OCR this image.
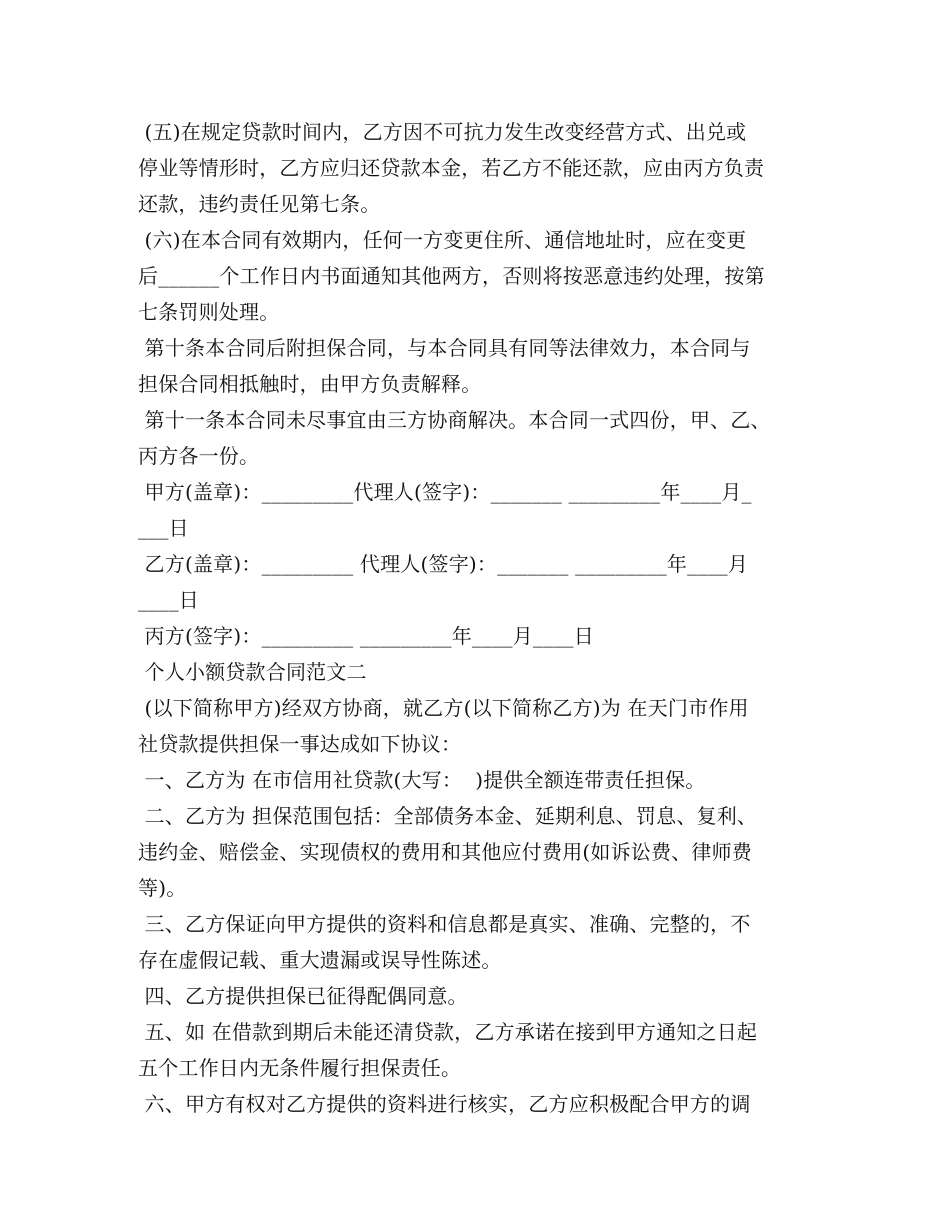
(五)在规定贷款时间内，乙方因不可抗力发生改变经营方式、出兑或
停业等情形时，乙方应归还贷款本金，若乙方不能还款，应由丙方负责
还款，违约责任见第七条。
(六)在本合同有效期内，任何一方变更住所、通信地址时，应在变更
后______个工作日内书面通知其他两方，否则将按恶意违约处理，按第
七条罚则处理。
第十条本合同后附担保合同，与本合同具有同等法律效力，本合同与
担保合同相抵触时，由甲方负责解释。
第十一条本合同未尽事宜由三方协商解决。本合同一式四份，甲、乙、
丙方各一份。
甲方(盖章)：_________代理人(签字)：_______ _________年____月_
___日
乙方(盖章)：_________ 代理人(签字)：_______ _________年____月
____日
丙方(签字)：_________ _________年____月____日
个人小额贷款合同范文二
(以下简称甲方)经双方协商，就乙方(以下简称乙方)为 在天门市作用
社贷款提供担保一事达成如下协议：
一、乙方为 在市信用社贷款(大写：  )提供全额连带责任担保。
二、乙方为 担保范围包括：全部债务本金、延期利息、罚息、复利、
违约金、赔偿金、实现债权的费用和其他应付费用(如诉讼费、律师费
等)。
三、乙方保证向甲方提供的资料和信息都是真实、准确、完整的，不
存在虚假记载、重大遗漏或误导性陈述。
四、乙方提供担保已征得配偶同意。
五、如 在借款到期后未能还清贷款，乙方承诺在接到甲方通知之日起
五个工作日内无条件履行担保责任。
六、甲方有权对乙方提供的资料进行核实，乙方应积极配合甲方的调
